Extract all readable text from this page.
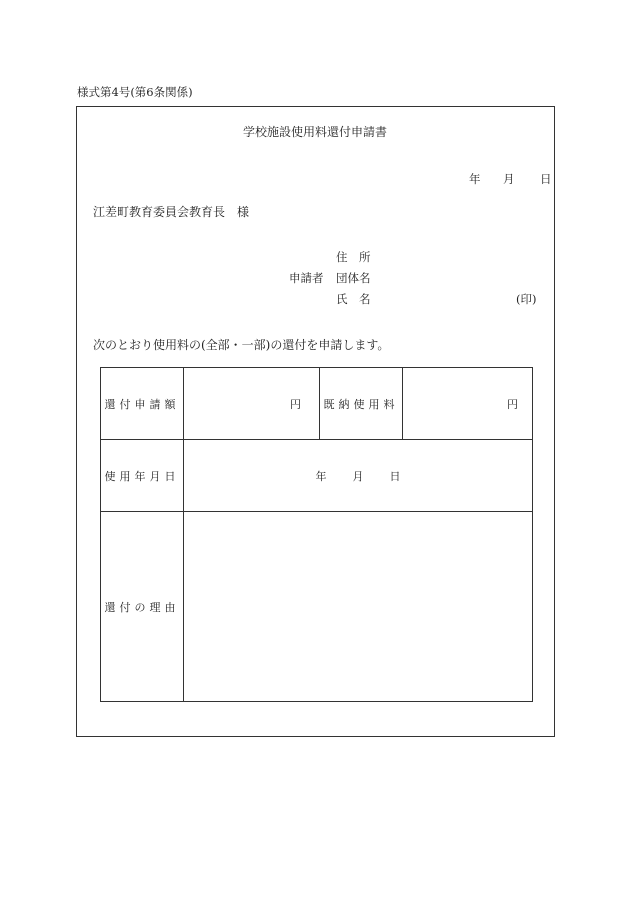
様式第4号(第6条関係)
学校施設使用料還付申請書
年 月 日
江差町教育委員会教育長　様
住　所
申請者 団体名
氏　名	(印)
次のとおり使用料の(全部・一部)の還付を申請します。
還付申請額	円	既納使用料	円
使用年月日	年 月 日		
還付の理由			
